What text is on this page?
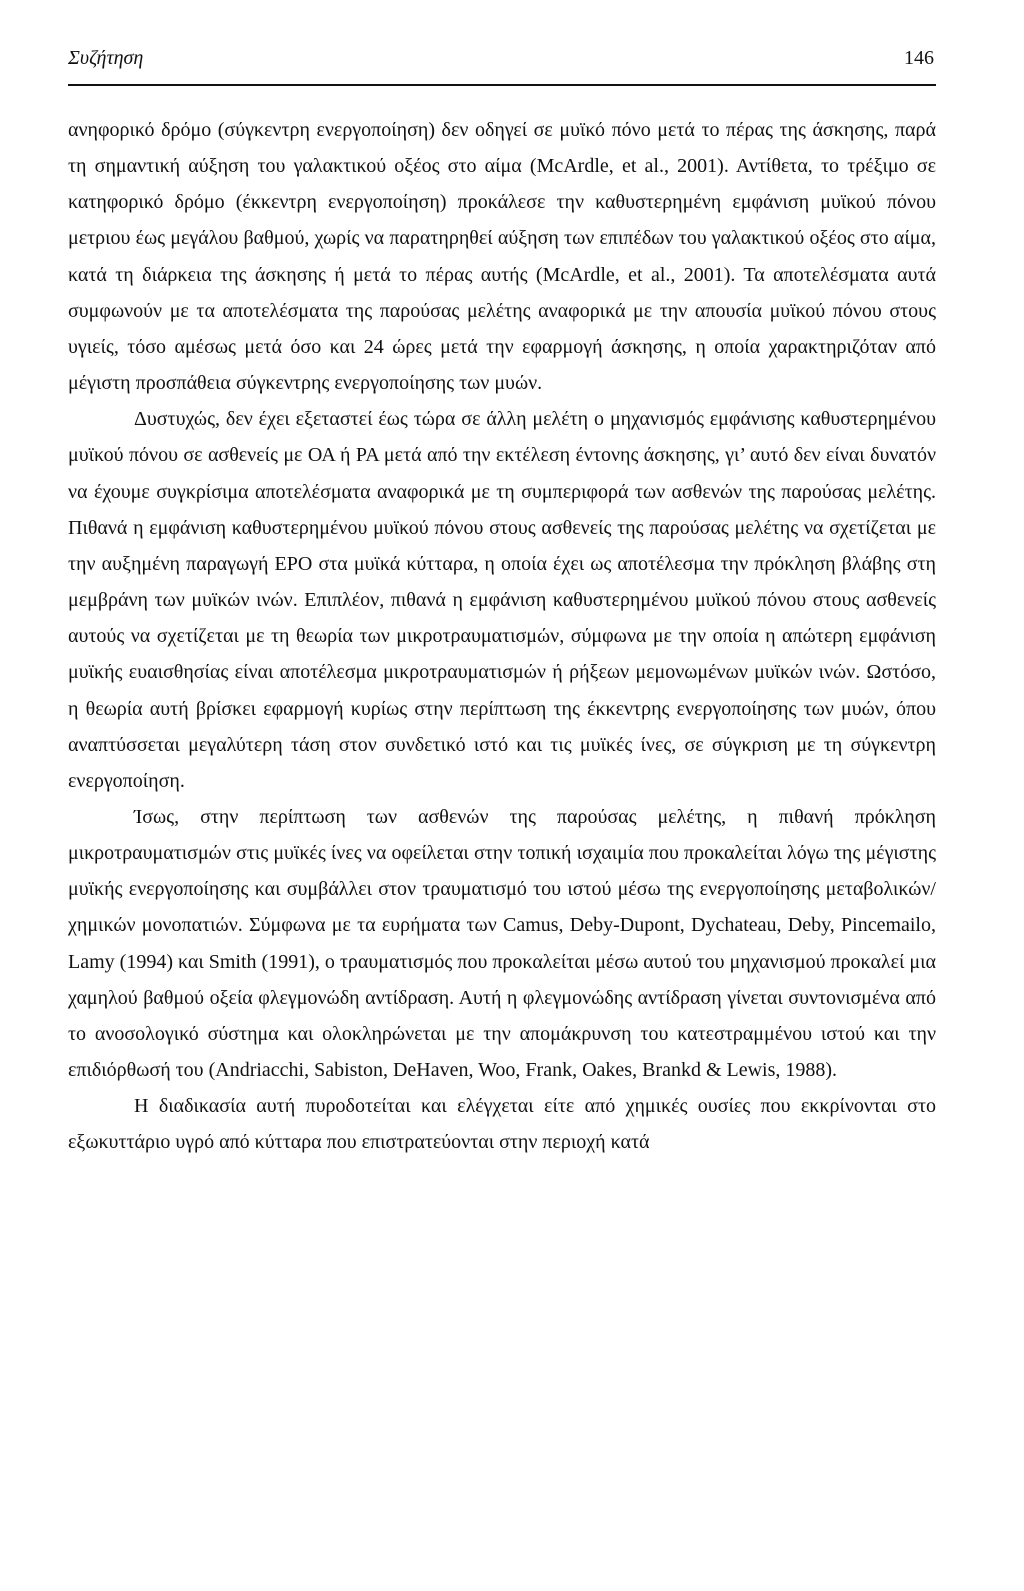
Συζήτηση	146

ανηφορικό δρόμο (σύγκεντρη ενεργοποίηση) δεν οδηγεί σε μυϊκό πόνο μετά το πέρας της άσκησης, παρά τη σημαντική αύξηση του γαλακτικού οξέος στο αίμα (McArdle, et al., 2001). Αντίθετα, το τρέξιμο σε κατηφορικό δρόμο (έκκεντρη ενεργοποίηση) προκάλεσε την καθυστερημένη εμφάνιση μυϊκού πόνου μετριου έως μεγάλου βαθμού, χωρίς να παρατηρηθεί αύξηση των επιπέδων του γαλακτικού οξέος στο αίμα, κατά τη διάρκεια της άσκησης ή μετά το πέρας αυτής (McArdle, et al., 2001). Τα αποτελέσματα αυτά συμφωνούν με τα αποτελέσματα της παρούσας μελέτης αναφορικά με την απουσία μυϊκού πόνου στους υγιείς, τόσο αμέσως μετά όσο και 24 ώρες μετά την εφαρμογή άσκησης, η οποία χαρακτηριζόταν από μέγιστη προσπάθεια σύγκεντρης ενεργοποίησης των μυών.

Δυστυχώς, δεν έχει εξεταστεί έως τώρα σε άλλη μελέτη ο μηχανισμός εμφάνισης καθυστερημένου μυϊκού πόνου σε ασθενείς με ΟΑ ή ΡΑ μετά από την εκτέλεση έντονης άσκησης, γι’ αυτό δεν είναι δυνατόν να έχουμε συγκρίσιμα αποτελέσματα αναφορικά με τη συμπεριφορά των ασθενών της παρούσας μελέτης. Πιθανά η εμφάνιση καθυστερημένου μυϊκού πόνου στους ασθενείς της παρούσας μελέτης να σχετίζεται με την αυξημένη παραγωγή ΕΡΟ στα μυϊκά κύτταρα, η οποία έχει ως αποτέλεσμα την πρόκληση βλάβης στη μεμβράνη των μυϊκών ινών. Επιπλέον, πιθανά η εμφάνιση καθυστερημένου μυϊκού πόνου στους ασθενείς αυτούς να σχετίζεται με τη θεωρία των μικροτραυματισμών, σύμφωνα με την οποία η απώτερη εμφάνιση μυϊκής ευαισθησίας είναι αποτέλεσμα μικροτραυματισμών ή ρήξεων μεμονωμένων μυϊκών ινών. Ωστόσο, η θεωρία αυτή βρίσκει εφαρμογή κυρίως στην περίπτωση της έκκεντρης ενεργοποίησης των μυών, όπου αναπτύσσεται μεγαλύτερη τάση στον συνδετικό ιστό και τις μυϊκές ίνες, σε σύγκριση με τη σύγκεντρη ενεργοποίηση.

Ίσως, στην περίπτωση των ασθενών της παρούσας μελέτης, η πιθανή πρόκληση μικροτραυματισμών στις μυϊκές ίνες να οφείλεται στην τοπική ισχαιμία που προκαλείται λόγω της μέγιστης μυϊκής ενεργοποίησης και συμβάλλει στον τραυματισμό του ιστού μέσω της ενεργοποίησης μεταβολικών/ χημικών μονοπατιών. Σύμφωνα με τα ευρήματα των Camus, Deby-Dupont, Dychateau, Deby, Pincemailo, Lamy (1994) και Smith (1991), ο τραυματισμός που προκαλείται μέσω αυτού του μηχανισμού προκαλεί μια χαμηλού βαθμού οξεία φλεγμονώδη αντίδραση. Αυτή η φλεγμονώδης αντίδραση γίνεται συντονισμένα από το ανοσολογικό σύστημα και ολοκληρώνεται με την απομάκρυνση του κατεστραμμένου ιστού και την επιδιόρθωσή του (Andriacchi, Sabiston, DeHaven, Woo, Frank, Oakes, Brankd & Lewis, 1988).

Η διαδικασία αυτή πυροδοτείται και ελέγχεται είτε από χημικές ουσίες που εκκρίνονται στο εξωκυττάριο υγρό από κύτταρα που επιστρατεύονται στην περιοχή κατά
